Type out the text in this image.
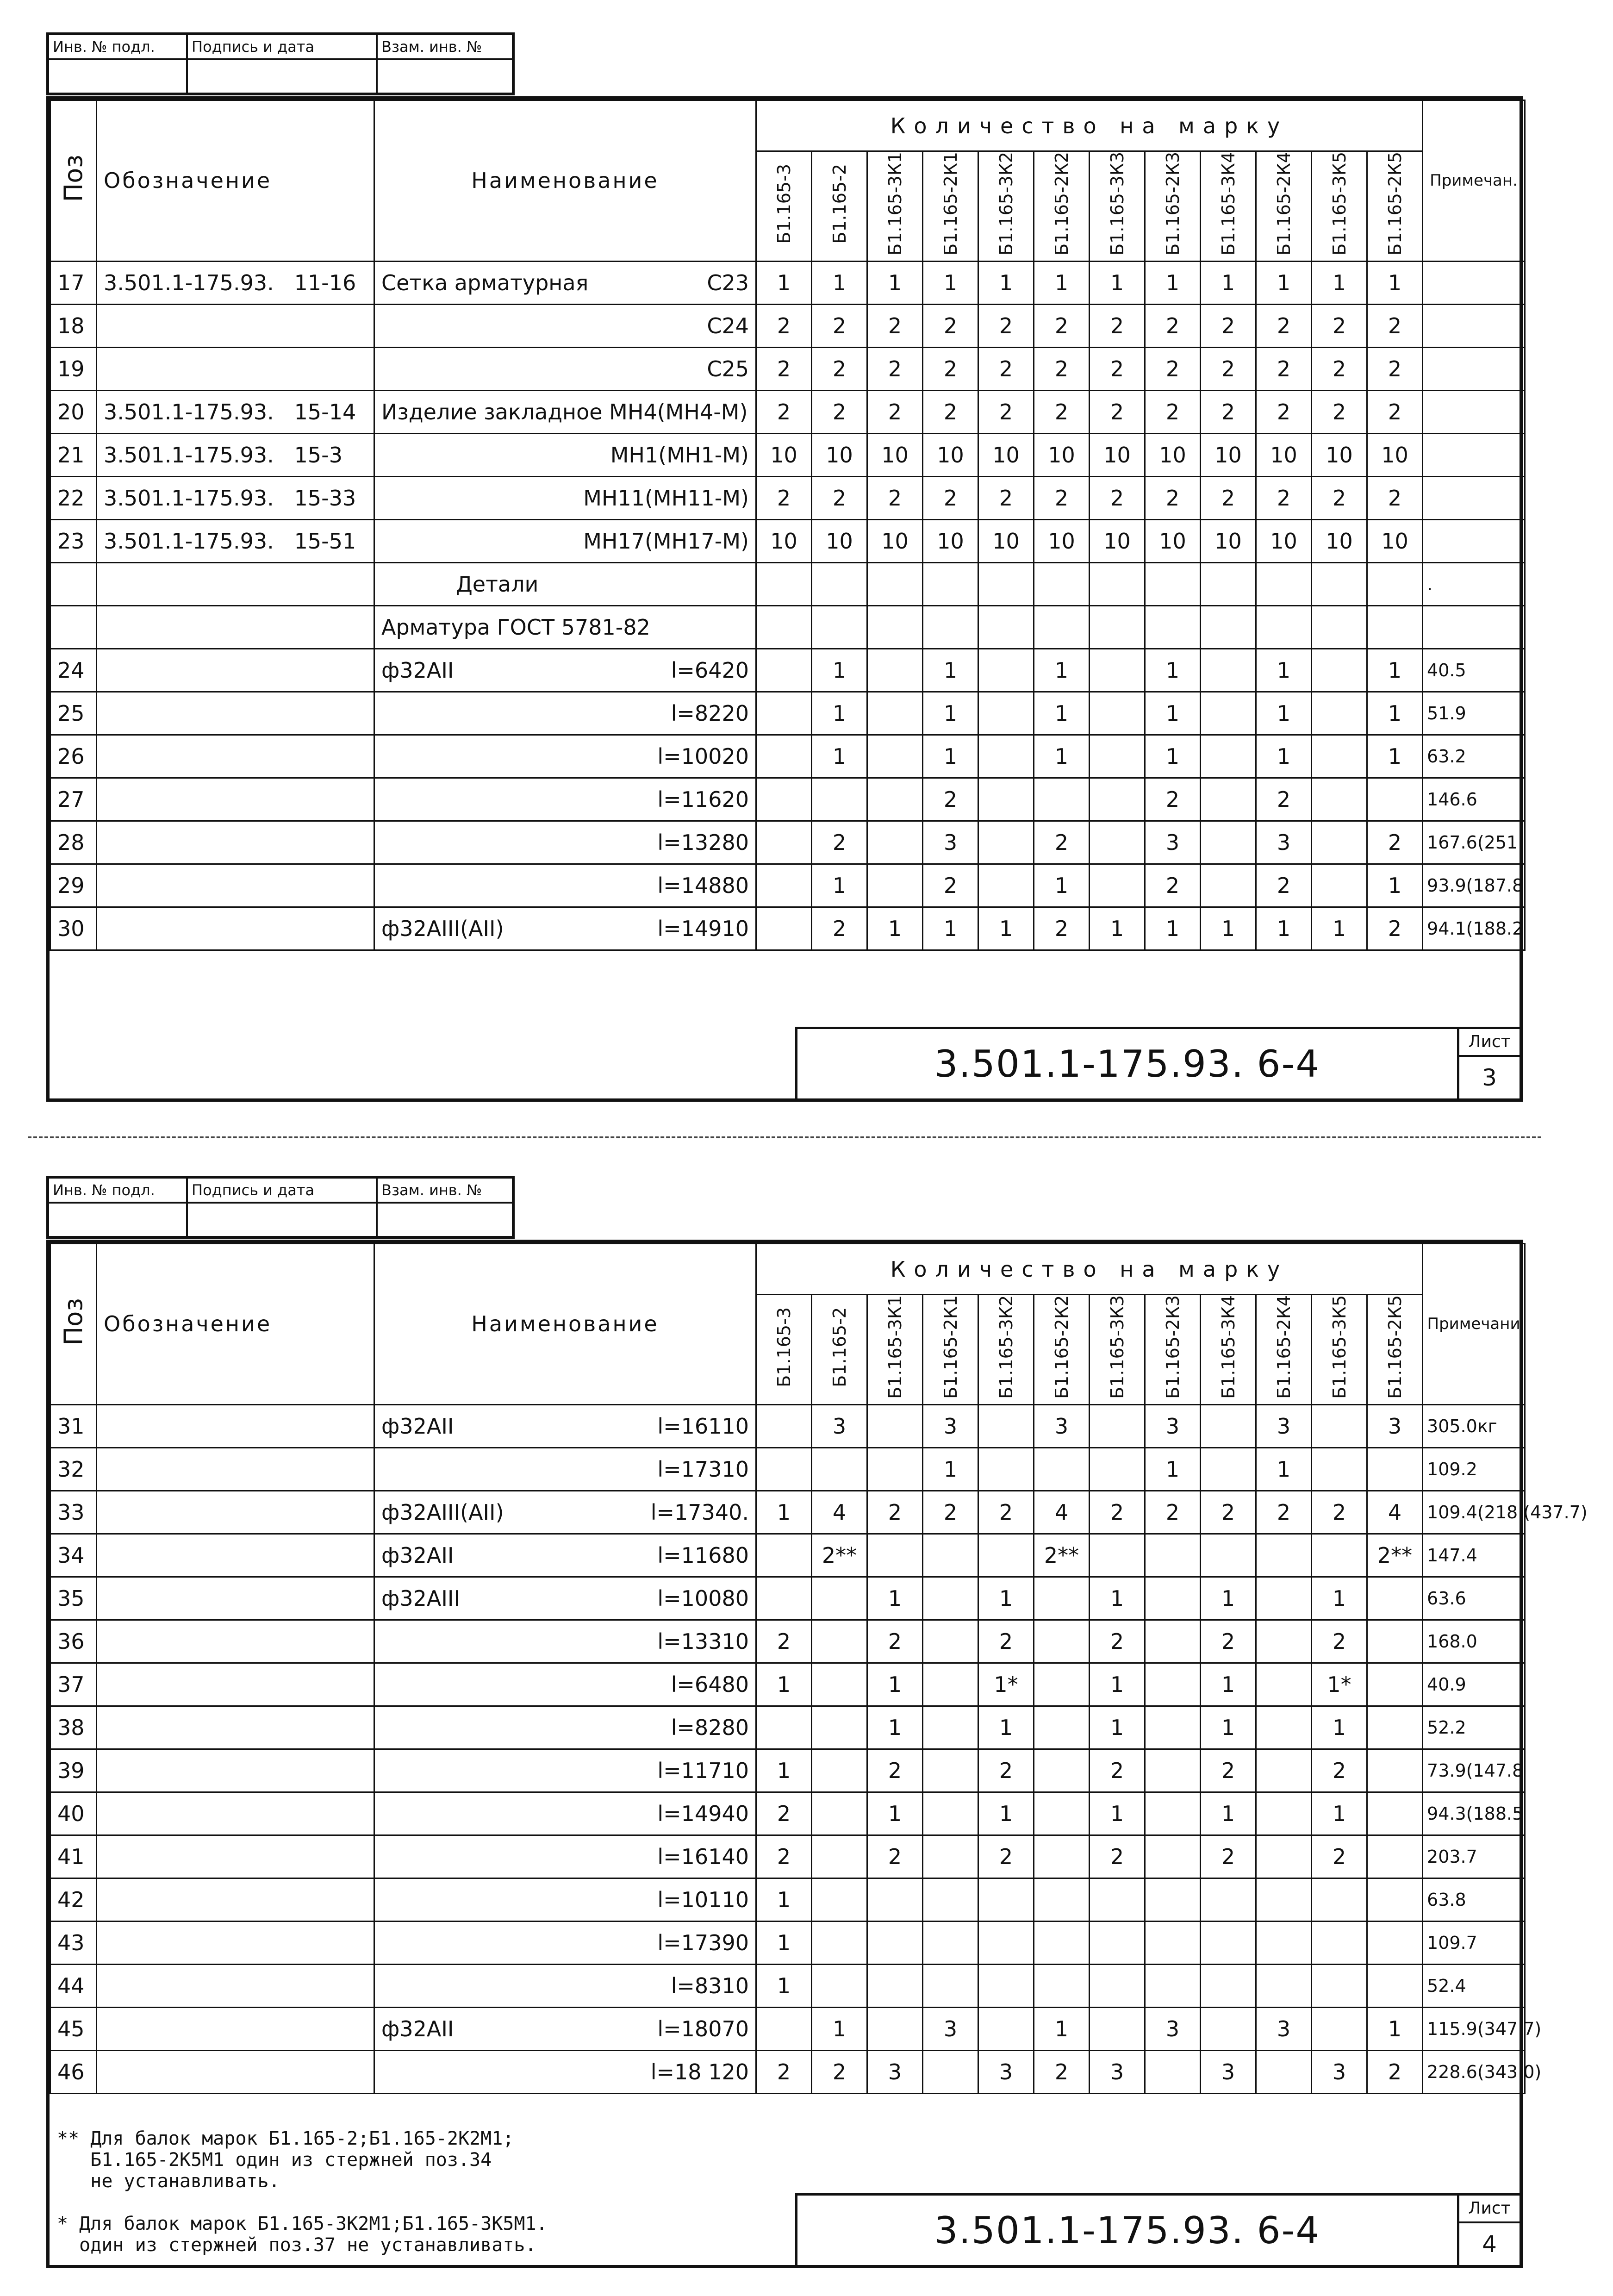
Инв. № подл.	Подпись и дата	Взам. инв. №
Поз	Обозначение	Наименование	Количество на марку												Примечан.
			Б1.165-3	Б1.165-2	Б1.165-3К1	Б1.165-2К1	Б1.165-3К2	Б1.165-2К2	Б1.165-3К3	Б1.165-2К3	Б1.165-3К4	Б1.165-2К4	Б1.165-3К5	Б1.165-2К5	
17	3.501.1-175.93.   11-16	Сетка арматурная С23	1	1	1	1	1	1	1	1	1	1	1	1	
18		С24	2	2	2	2	2	2	2	2	2	2	2	2	
19		С25	2	2	2	2	2	2	2	2	2	2	2	2	
20	3.501.1-175.93.   15-14	Изделие закладное МН4(МН4-М)	2	2	2	2	2	2	2	2	2	2	2	2	
21	3.501.1-175.93.   15-3	МН1(МН1-М)	10	10	10	10	10	10	10	10	10	10	10	10	
22	3.501.1-175.93.   15-33	МН11(МН11-М)	2	2	2	2	2	2	2	2	2	2	2	2	
23	3.501.1-175.93.   15-51	МН17(МН17-М)	10	10	10	10	10	10	10	10	10	10	10	10	

		Детали													.

		Арматура ГОСТ 5781-82													

24		ф32АІІ l=6420		1		1		1		1		1		1	40.5
25		l=8220		1		1		1		1		1		1	51.9
26		l=10020		1		1		1		1		1		1	63.2
27		l=11620				2				2		2			146.6
28		l=13280		2		3		2		3		3		2	167.6(251.
29		l=14880		1		2		1		2		2		1	93.9(187.8
30		ф32АІІІ(АІІ) l=14910		2	1	1	1	2	1	1	1	1	1	2	94.1(188.2
3.501.1-175.93. 6-4
Лист
3
Инв. № подл.	Подпись и дата	Взам. инв. №
Поз	Обозначение	Наименование	Количество на марку												Примечани
			Б1.165-3	Б1.165-2	Б1.165-3К1	Б1.165-2К1	Б1.165-3К2	Б1.165-2К2	Б1.165-3К3	Б1.165-2К3	Б1.165-3К4	Б1.165-2К4	Б1.165-3К5	Б1.165-2К5	
31		ф32АІІ l=16110		3		3		3		3		3		3	305.0кг
32		l=17310				1				1		1			109.2
33		ф32АІІІ(АІІ) l=17340.	1	4	2	2	2	4	2	2	2	2	2	4	109.4(218.(437.7)
34		ф32АІІ l=11680		2**				2**						2**	147.4
35		ф32АІІІ l=10080			1		1		1		1		1		63.6
36		l=13310	2		2		2		2		2		2		168.0
37		l=6480	1		1		1*		1		1		1*		40.9
38		l=8280			1		1		1		1		1		52.2
39		l=11710	1		2		2		2		2		2		73.9(147.8
40		l=14940	2		1		1		1		1		1		94.3(188.5
41		l=16140	2		2		2		2		2		2		203.7
42		l=10110	1												63.8
43		l=17390	1												109.7
44		l=8310	1												52.4
45		ф32АІІ l=18070		1		3		1		3		3		1	115.9(347.7)
46		l=18 120	2	2	3		3	2	3		3		3	2	228.6(343.0)
** Для балок марок Б1.165-2;Б1.165-2К2М1;
Б1.165-2К5М1 один из стержней поз.34
не устанавливать.

* Для балок марок Б1.165-3К2М1;Б1.165-3К5М1.
один из стержней поз.37 не устанавливать.	3.501.1-175.93. 6-4
Лист
4
